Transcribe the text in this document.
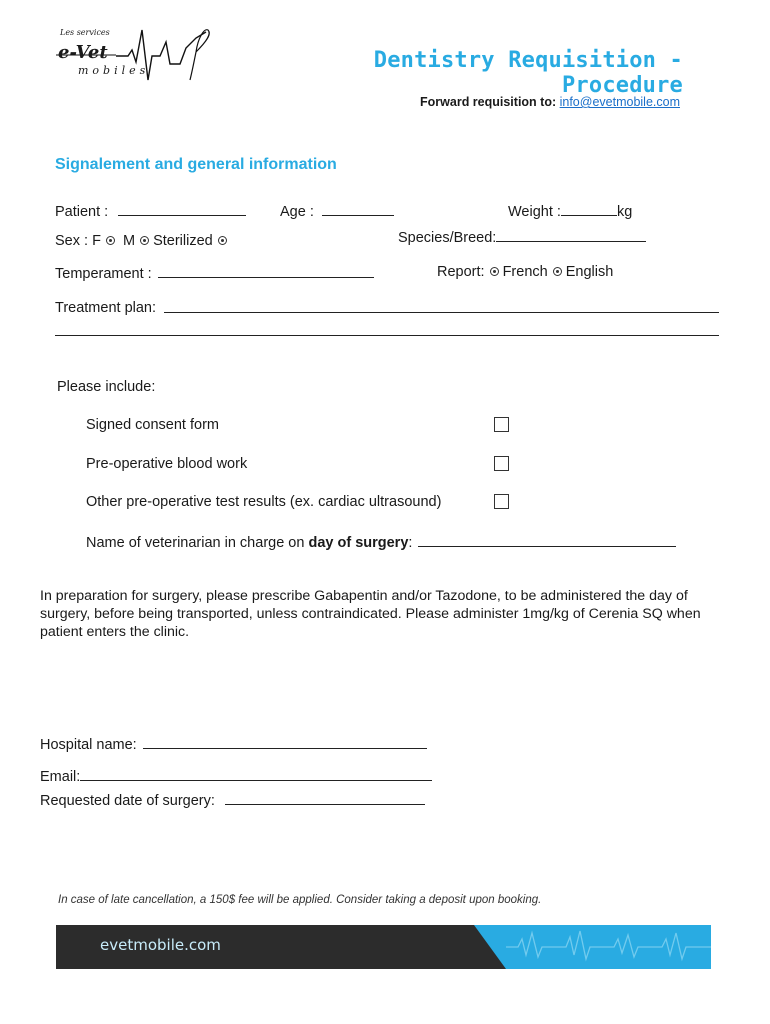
Les services
e-Vet
mobiles	Dentistry Requisition - Procedure
Forward requisition to: info@evetmobile.com
Signalement and general information
Patient :	Age :	Weight :	kg
Sex : F M Sterilized	Species/Breed:
Temperament :	Report: French English
Treatment plan:
Please include:
Signed consent form
Pre-operative blood work
Other pre-operative test results (ex. cardiac ultrasound)
Name of veterinarian in charge on day of surgery:
In preparation for surgery, please prescribe Gabapentin and/or Tazodone, to be administered the day of surgery, before being transported, unless contraindicated. Please administer 1mg/kg of Cerenia SQ when patient enters the clinic.
Hospital name:
Email:
Requested date of surgery:
In case of late cancellation, a 150$ fee will be applied. Consider taking a deposit upon booking.
evetmobile.com
